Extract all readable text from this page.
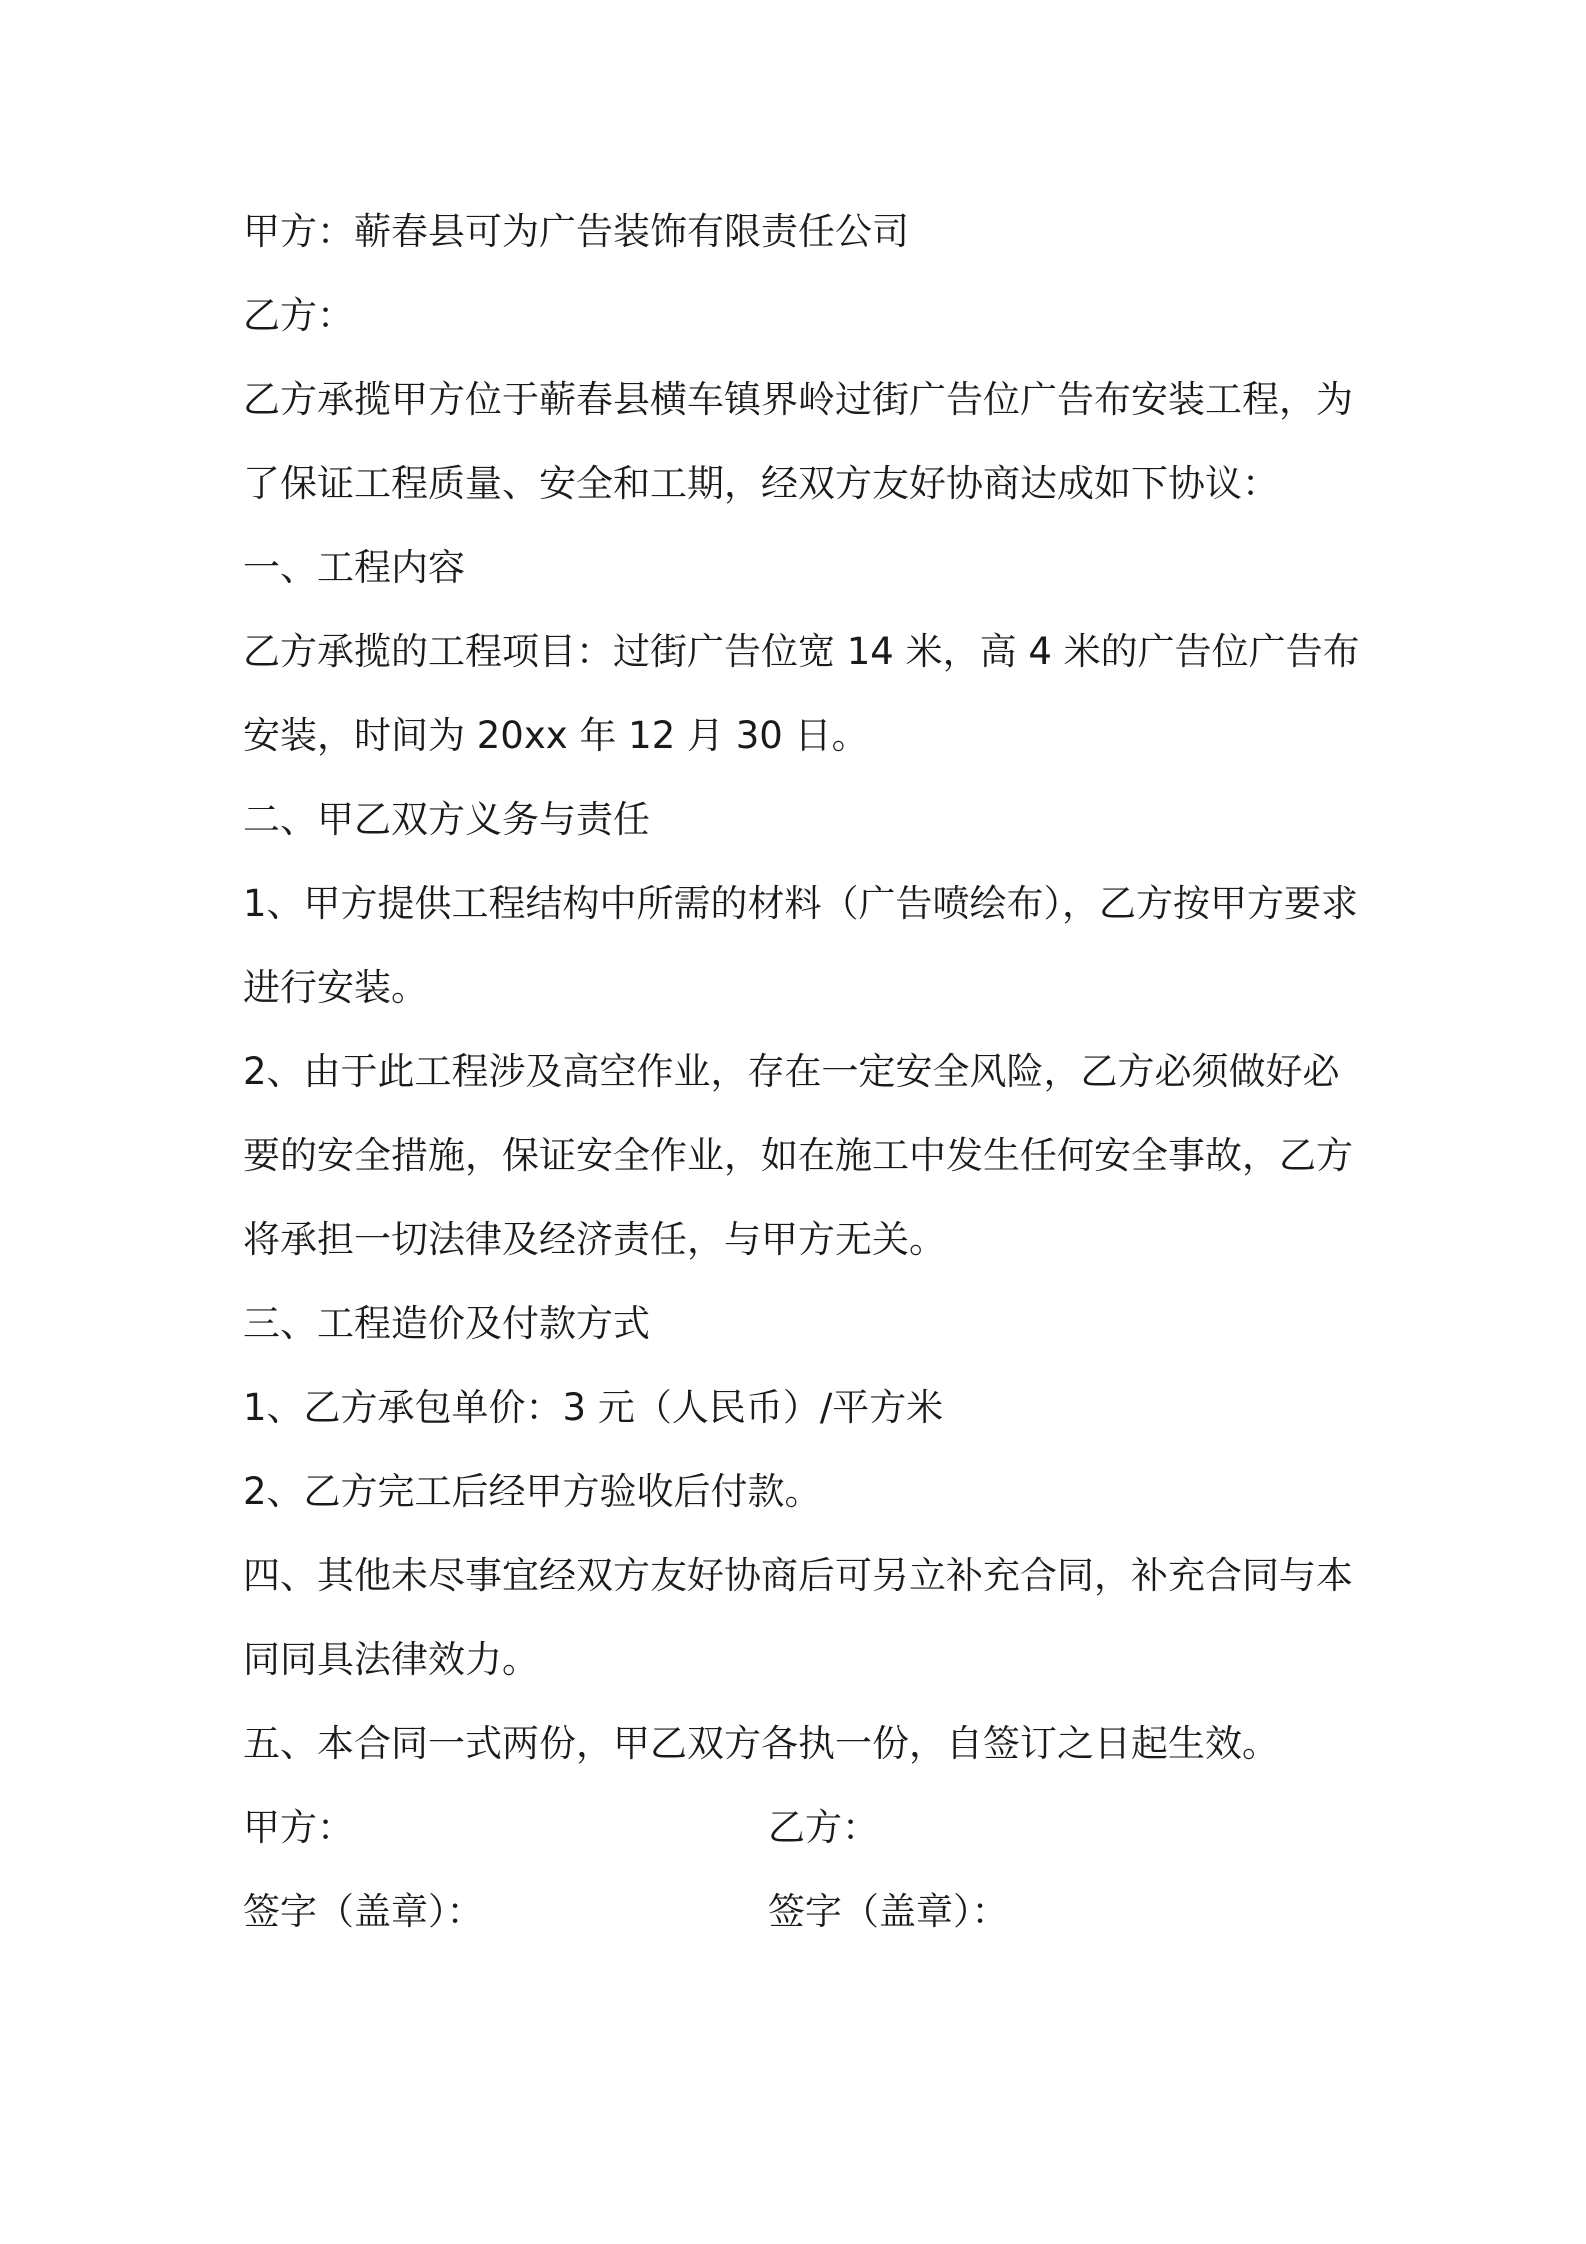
甲方：蕲春县可为广告装饰有限责任公司
乙方：
乙方承揽甲方位于蕲春县横车镇界岭过街广告位广告布安装工程，为
了保证工程质量、安全和工期，经双方友好协商达成如下协议：
一、工程内容
乙方承揽的工程项目：过街广告位宽 14 米，高 4 米的广告位广告布
安装，时间为 20xx 年 12 月 30 日。
二、甲乙双方义务与责任
1、甲方提供工程结构中所需的材料（广告喷绘布），乙方按甲方要求
进行安装。
2、由于此工程涉及高空作业，存在一定安全风险，乙方必须做好必
要的安全措施，保证安全作业，如在施工中发生任何安全事故，乙方
将承担一切法律及经济责任，与甲方无关。
三、工程造价及付款方式
1、乙方承包单价：3 元（人民币）/平方米
2、乙方完工后经甲方验收后付款。
四、其他未尽事宜经双方友好协商后可另立补充合同，补充合同与本
同同具法律效力。
五、本合同一式两份，甲乙双方各执一份，自签订之日起生效。
甲方：	乙方：
签字（盖章）：	签字（盖章）：
